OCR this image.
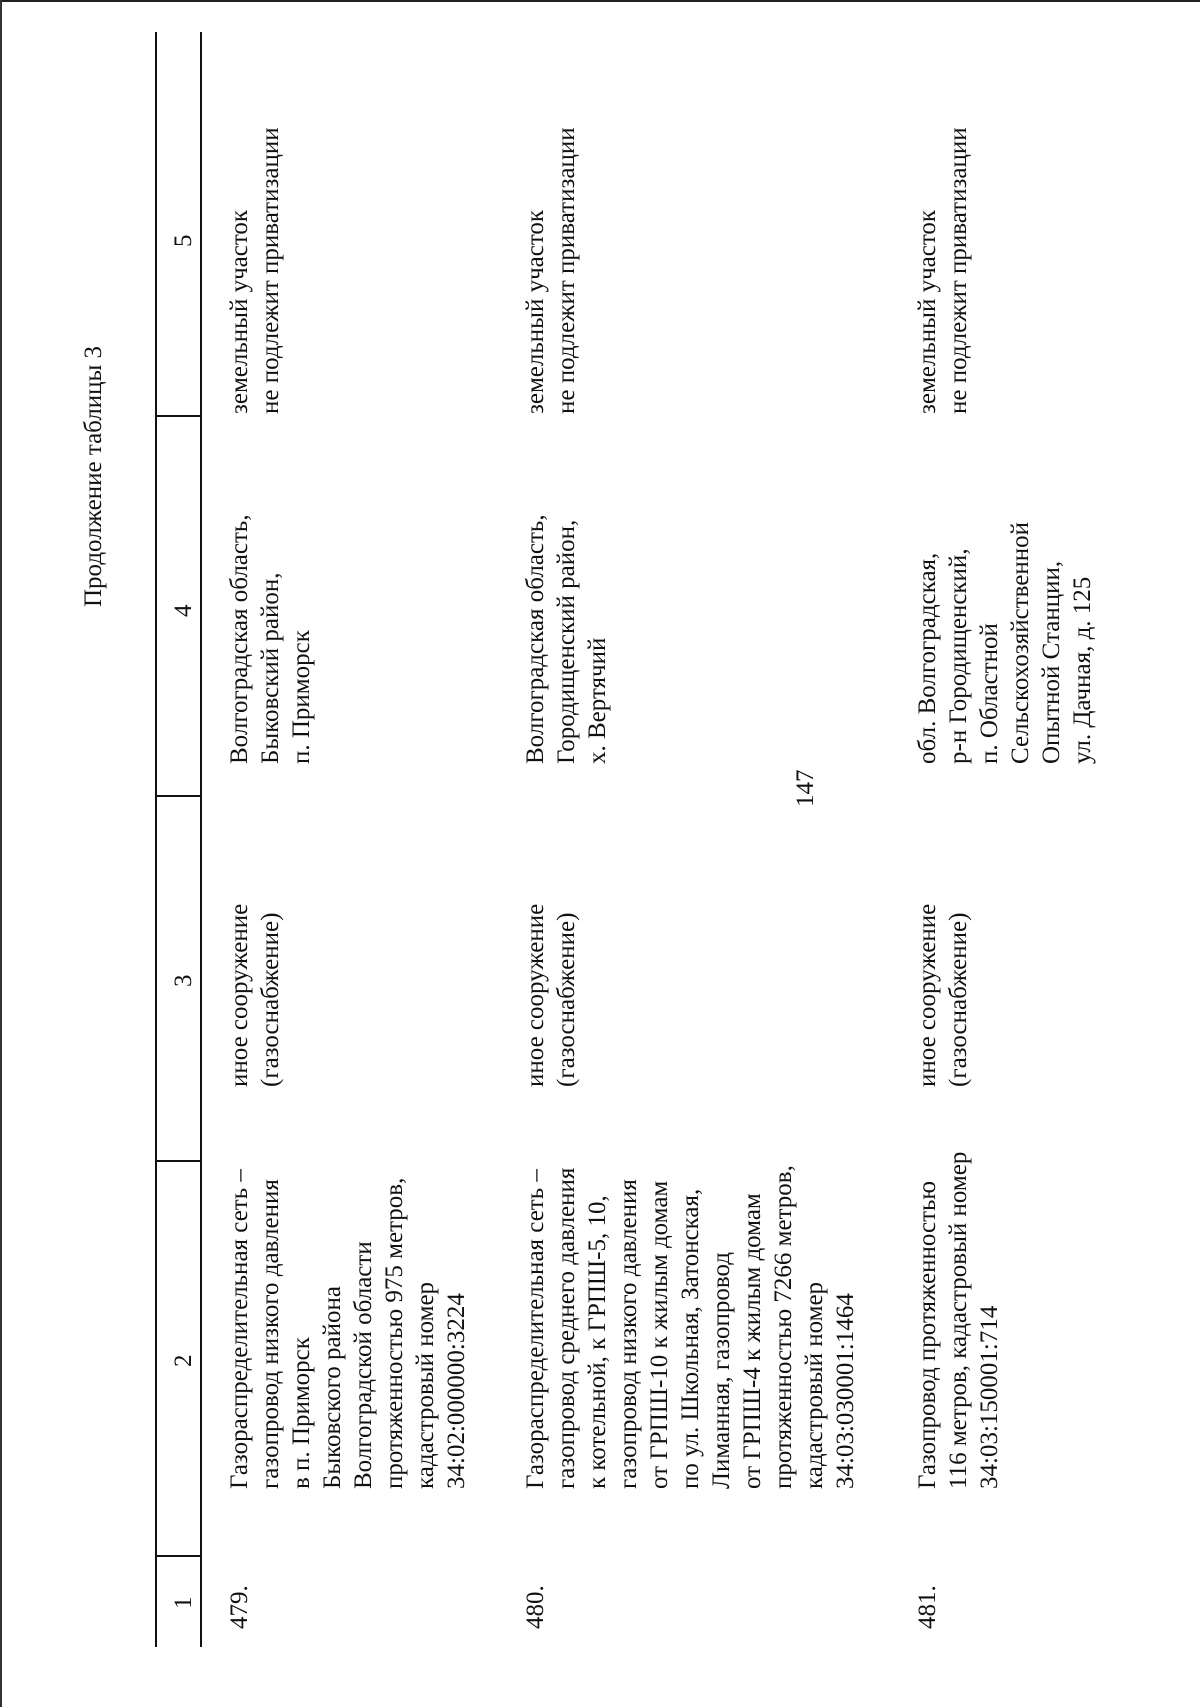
147
Продолжение таблицы 3
1
2
3
4
5
479.
Газораспределительная сеть – газопровод низкого давления в п. Приморск Быковского района Волгоградской области протяженностью 975 метров, кадастровый номер 34:02:000000:3224
иное сооружение (газоснабжение)
Волгоградская область, Быковский район, п. Приморск
земельный участок не подлежит приватизации
480.
Газораспределительная сеть – газопровод среднего давления к котельной, к ГРПШ-5, 10, газопровод низкого давления от ГРПШ-10 к жилым домам по ул. Школьная, Затонская, Лиманная, газопровод от ГРПШ-4 к жилым домам протяженностью 7266 метров, кадастровый номер 34:03:030001:1464
иное сооружение (газоснабжение)
Волгоградская область, Городищенский район, х. Вертячий
земельный участок не подлежит приватизации
481.
Газопровод протяженностью 116 метров, кадастровый номер 34:03:150001:714
иное сооружение (газоснабжение)
обл. Волгоградская, р-н Городищенский, п. Областной Сельскохозяйственной Опытной Станции, ул. Дачная, д. 125
земельный участок не подлежит приватизации
